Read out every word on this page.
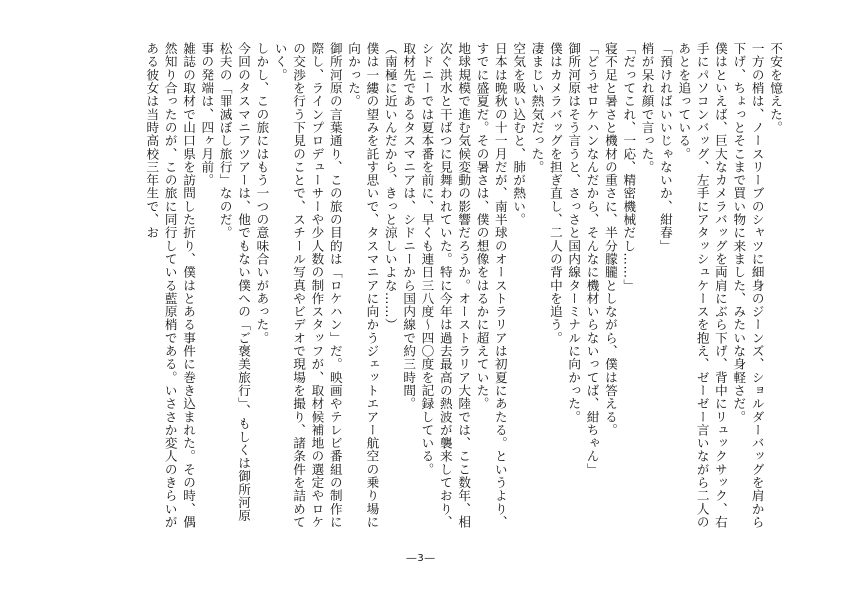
不安を憶えた。

一方の梢は、ノースリーブのシャツに細身のジーンズ、ショルダーバッグを肩から下げ、ちょっとそこまで買い物に来ました、みたいな身軽さだ。

僕はといえば、巨大なカメラバッグを両肩にぶら下げ、背中にリュックサック、右手にパソコンバッグ、左手にアタッシュケースを抱え、ゼーゼー言いながら二人のあとを追っている。

「預ければいいじゃないか、紺春」

梢が呆れ顔で言った。

「だってこれ、一応、精密機械だし……」

寝不足と暑さと機材の重さに、半分朦朧としながら、僕は答える。

「どうせロケハンなんだから、そんなに機材いらないってば、紺ちゃん」

御所河原はそう言うと、さっさと国内線ターミナルに向かった。

僕はカメラバッグを担ぎ直し、二人の背中を追う。

凄まじい熱気だった。

空気を吸い込むと、肺が熱い。

日本は晩秋の十一月だが、南半球のオーストラリアは初夏にあたる。というより、すでに盛夏だ。その暑さは、僕の想像をはるかに超えていた。

地球規模で進む気候変動の影響だろうか。オーストラリア大陸では、ここ数年、相次ぐ洪水と干ばつに見舞われていた。特に今年は過去最高の熱波が襲来しており、シドニーでは夏本番を前に、早くも連日三八度～四〇度を記録している。

取材先であるタスマニアは、シドニーから国内線で約三時間。

（南極に近いんだから、きっと涼しいよな……）

僕は一縷の望みを託す思いで、タスマニアに向かうジェットエアー航空の乗り場に向かった。

御所河原の言葉通り、この旅の目的は「ロケハン」だ。映画やテレビ番組の制作に際し、ラインプロデューサーや少人数の制作スタッフが、取材候補地の選定やロケの交渉を行う下見のことで、スチール写真やビデオで現場を撮り、諸条件を詰めていく。

しかし、この旅にはもう一つの意味合いがあった。

今回のタスマニアツアーは、他でもない僕への「ご褒美旅行」、もしくは御所河原松夫の「罪滅ぼし旅行」なのだ。

事の発端は、四ヶ月前。

雑誌の取材で山口県を訪問した折り、僕はとある事件に巻き込まれた。その時、偶然知り合ったのが、この旅に同行している藍原梢である。いささか変人のきらいがある彼女は当時高校三年生で、お

―3―
